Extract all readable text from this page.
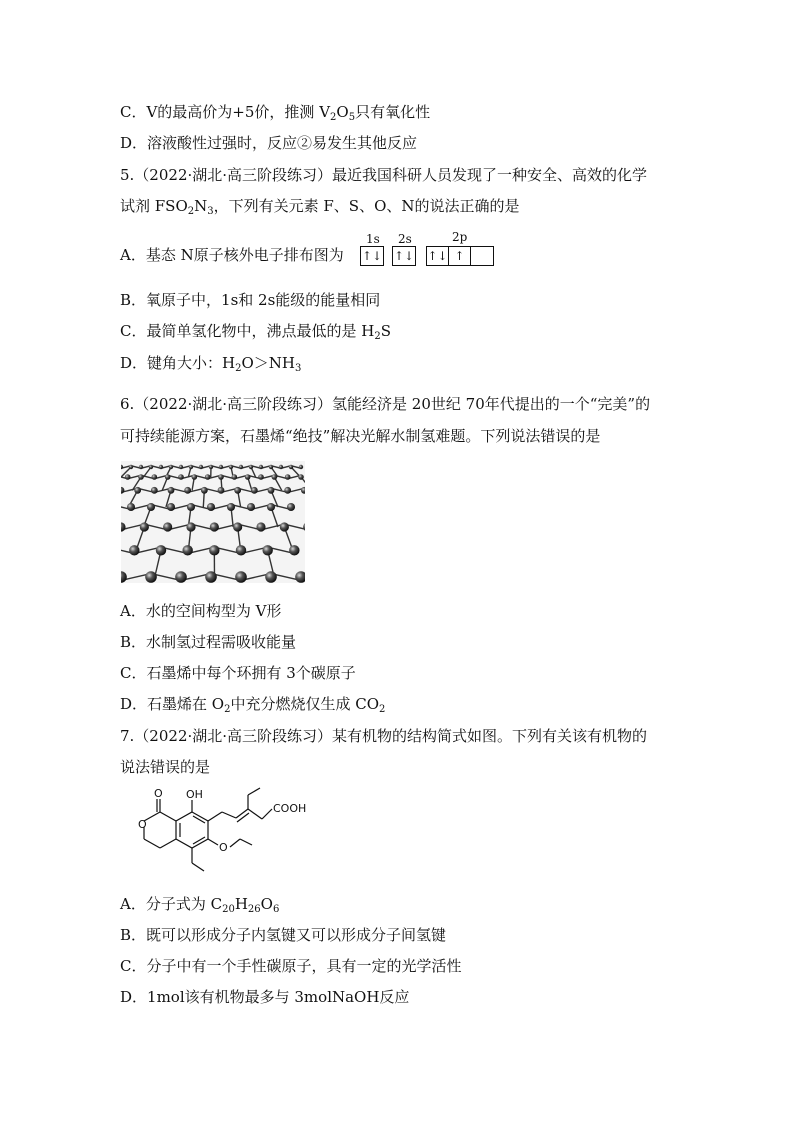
C．V的最高价为+5价，推测 $V_2O_5$只有氧化性
D．溶液酸性过强时，反应②易发生其他反应
5.（2022·湖北·高三阶段练习）最近我国科研人员发现了一种安全、高效的化学
试剂 $FSO_2N_3$，下列有关元素 F、S、O、N的说法正确的是
A．基态 N原子核外电子排布图为
1s 2s	2p
↑↓ ↑↓ ↑↓ ↑
B．氧原子中，1s和 2s能级的能量相同
C．最简单氢化物中，沸点最低的是 $H_2S$
D．键角大小：$H_2O>NH_3$
6.（2022·湖北·高三阶段练习）氢能经济是 20世纪 70年代提出的一个“完美”的
可持续能源方案，石墨烯“绝技”解决光解水制氢难题。下列说法错误的是
A．水的空间构型为 V形
B．水制氢过程需吸收能量
C．石墨烯中每个环拥有 3个碳原子
D．石墨烯在 $O_2$中充分燃烧仅生成 $CO_2$
7.（2022·湖北·高三阶段练习）某有机物的结构简式如图。下列有关该有机物的
说法错误的是
O OH
O
O
COOH
A．分子式为 $C_{20}H_{26}O_6$
B．既可以形成分子内氢键又可以形成分子间氢键
C．分子中有一个手性碳原子，具有一定的光学活性
D．1mol该有机物最多与 3molNaOH反应
